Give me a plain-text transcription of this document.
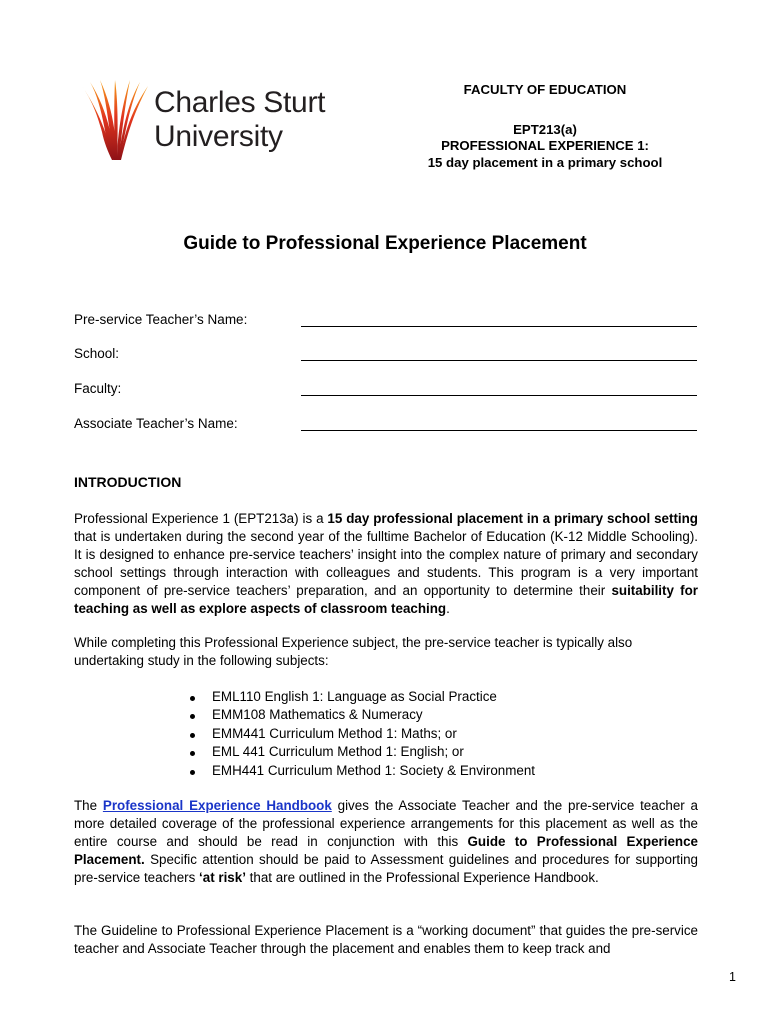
Charles Sturt
University
FACULTY OF EDUCATION
EPT213(a)
PROFESSIONAL EXPERIENCE 1:
15 day placement in a primary school
Guide to Professional Experience Placement
Pre-service Teacher’s Name:
School:
Faculty:
Associate Teacher’s Name:
INTRODUCTION
Professional Experience 1 (EPT213a) is a 15 day professional placement in a primary school setting that is undertaken during the second year of the fulltime Bachelor of Education (K-12 Middle Schooling). It is designed to enhance pre-service teachers’ insight into the complex nature of primary and secondary school settings through interaction with colleagues and students. This program is a very important component of pre-service teachers’ preparation, and an opportunity to determine their suitability for teaching as well as explore aspects of classroom teaching.
While completing this Professional Experience subject, the pre-service teacher is typically also undertaking study in the following subjects:
EML110 English 1: Language as Social Practice
EMM108 Mathematics & Numeracy
EMM441 Curriculum Method 1: Maths; or
EML 441 Curriculum Method 1: English; or
EMH441 Curriculum Method 1: Society & Environment
The Professional Experience Handbook gives the Associate Teacher and the pre-service teacher a more detailed coverage of the professional experience arrangements for this placement as well as the entire course and should be read in conjunction with this Guide to Professional Experience Placement. Specific attention should be paid to Assessment guidelines and procedures for supporting pre-service teachers ‘at risk’ that are outlined in the Professional Experience Handbook.
The Guideline to Professional Experience Placement is a “working document” that guides the pre-service teacher and Associate Teacher through the placement and enables them to keep track and
1
